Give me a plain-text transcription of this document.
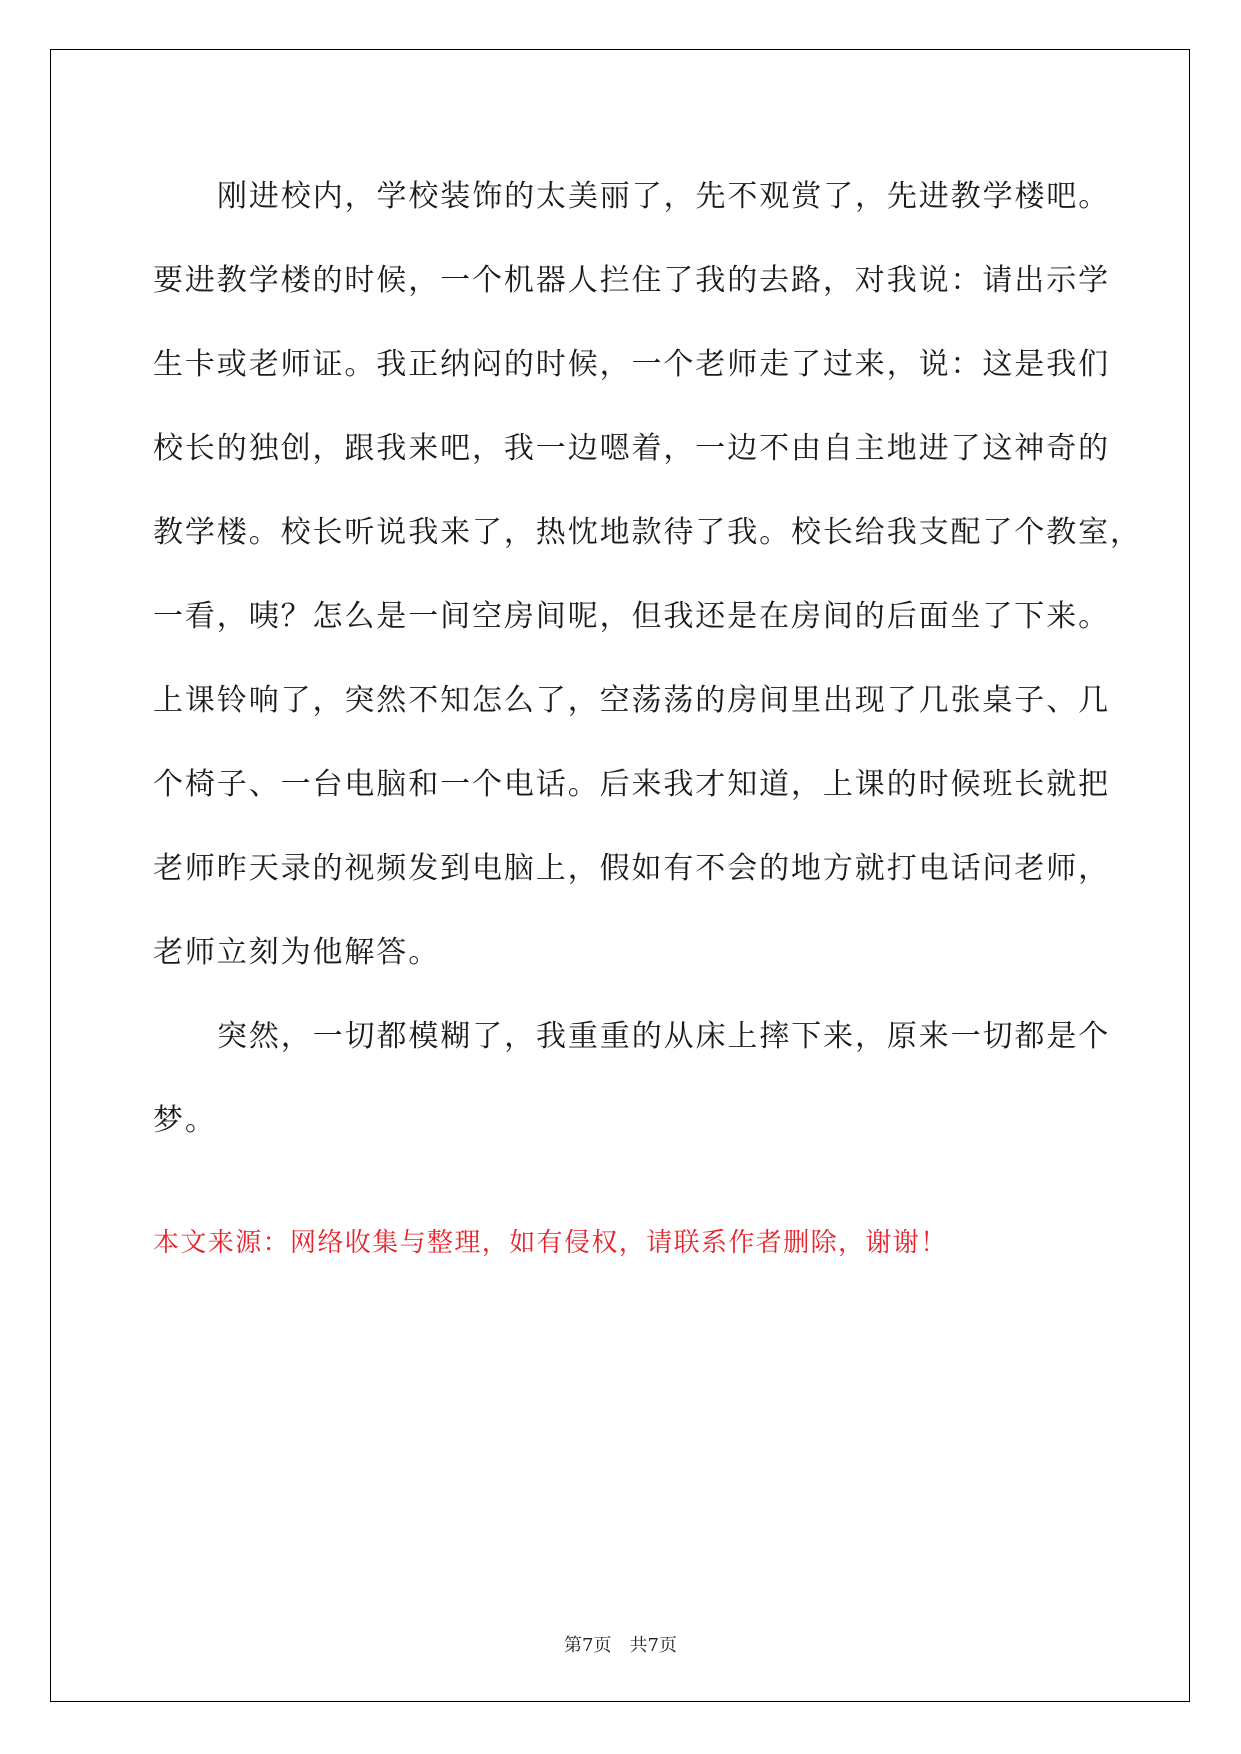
刚进校内，学校装饰的太美丽了，先不观赏了，先进教学楼吧。
要进教学楼的时候，一个机器人拦住了我的去路，对我说：请出示学
生卡或老师证。我正纳闷的时候，一个老师走了过来，说：这是我们
校长的独创，跟我来吧，我一边嗯着，一边不由自主地进了这神奇的
教学楼。校长听说我来了，热忱地款待了我。校长给我支配了个教室，
一看，咦？怎么是一间空房间呢，但我还是在房间的后面坐了下来。
上课铃响了，突然不知怎么了，空荡荡的房间里出现了几张桌子、几
个椅子、一台电脑和一个电话。后来我才知道，上课的时候班长就把
老师昨天录的视频发到电脑上，假如有不会的地方就打电话问老师，
老师立刻为他解答。
突然，一切都模糊了，我重重的从床上摔下来，原来一切都是个
梦。
本文来源：网络收集与整理，如有侵权，请联系作者删除，谢谢！
第7页 共7页
